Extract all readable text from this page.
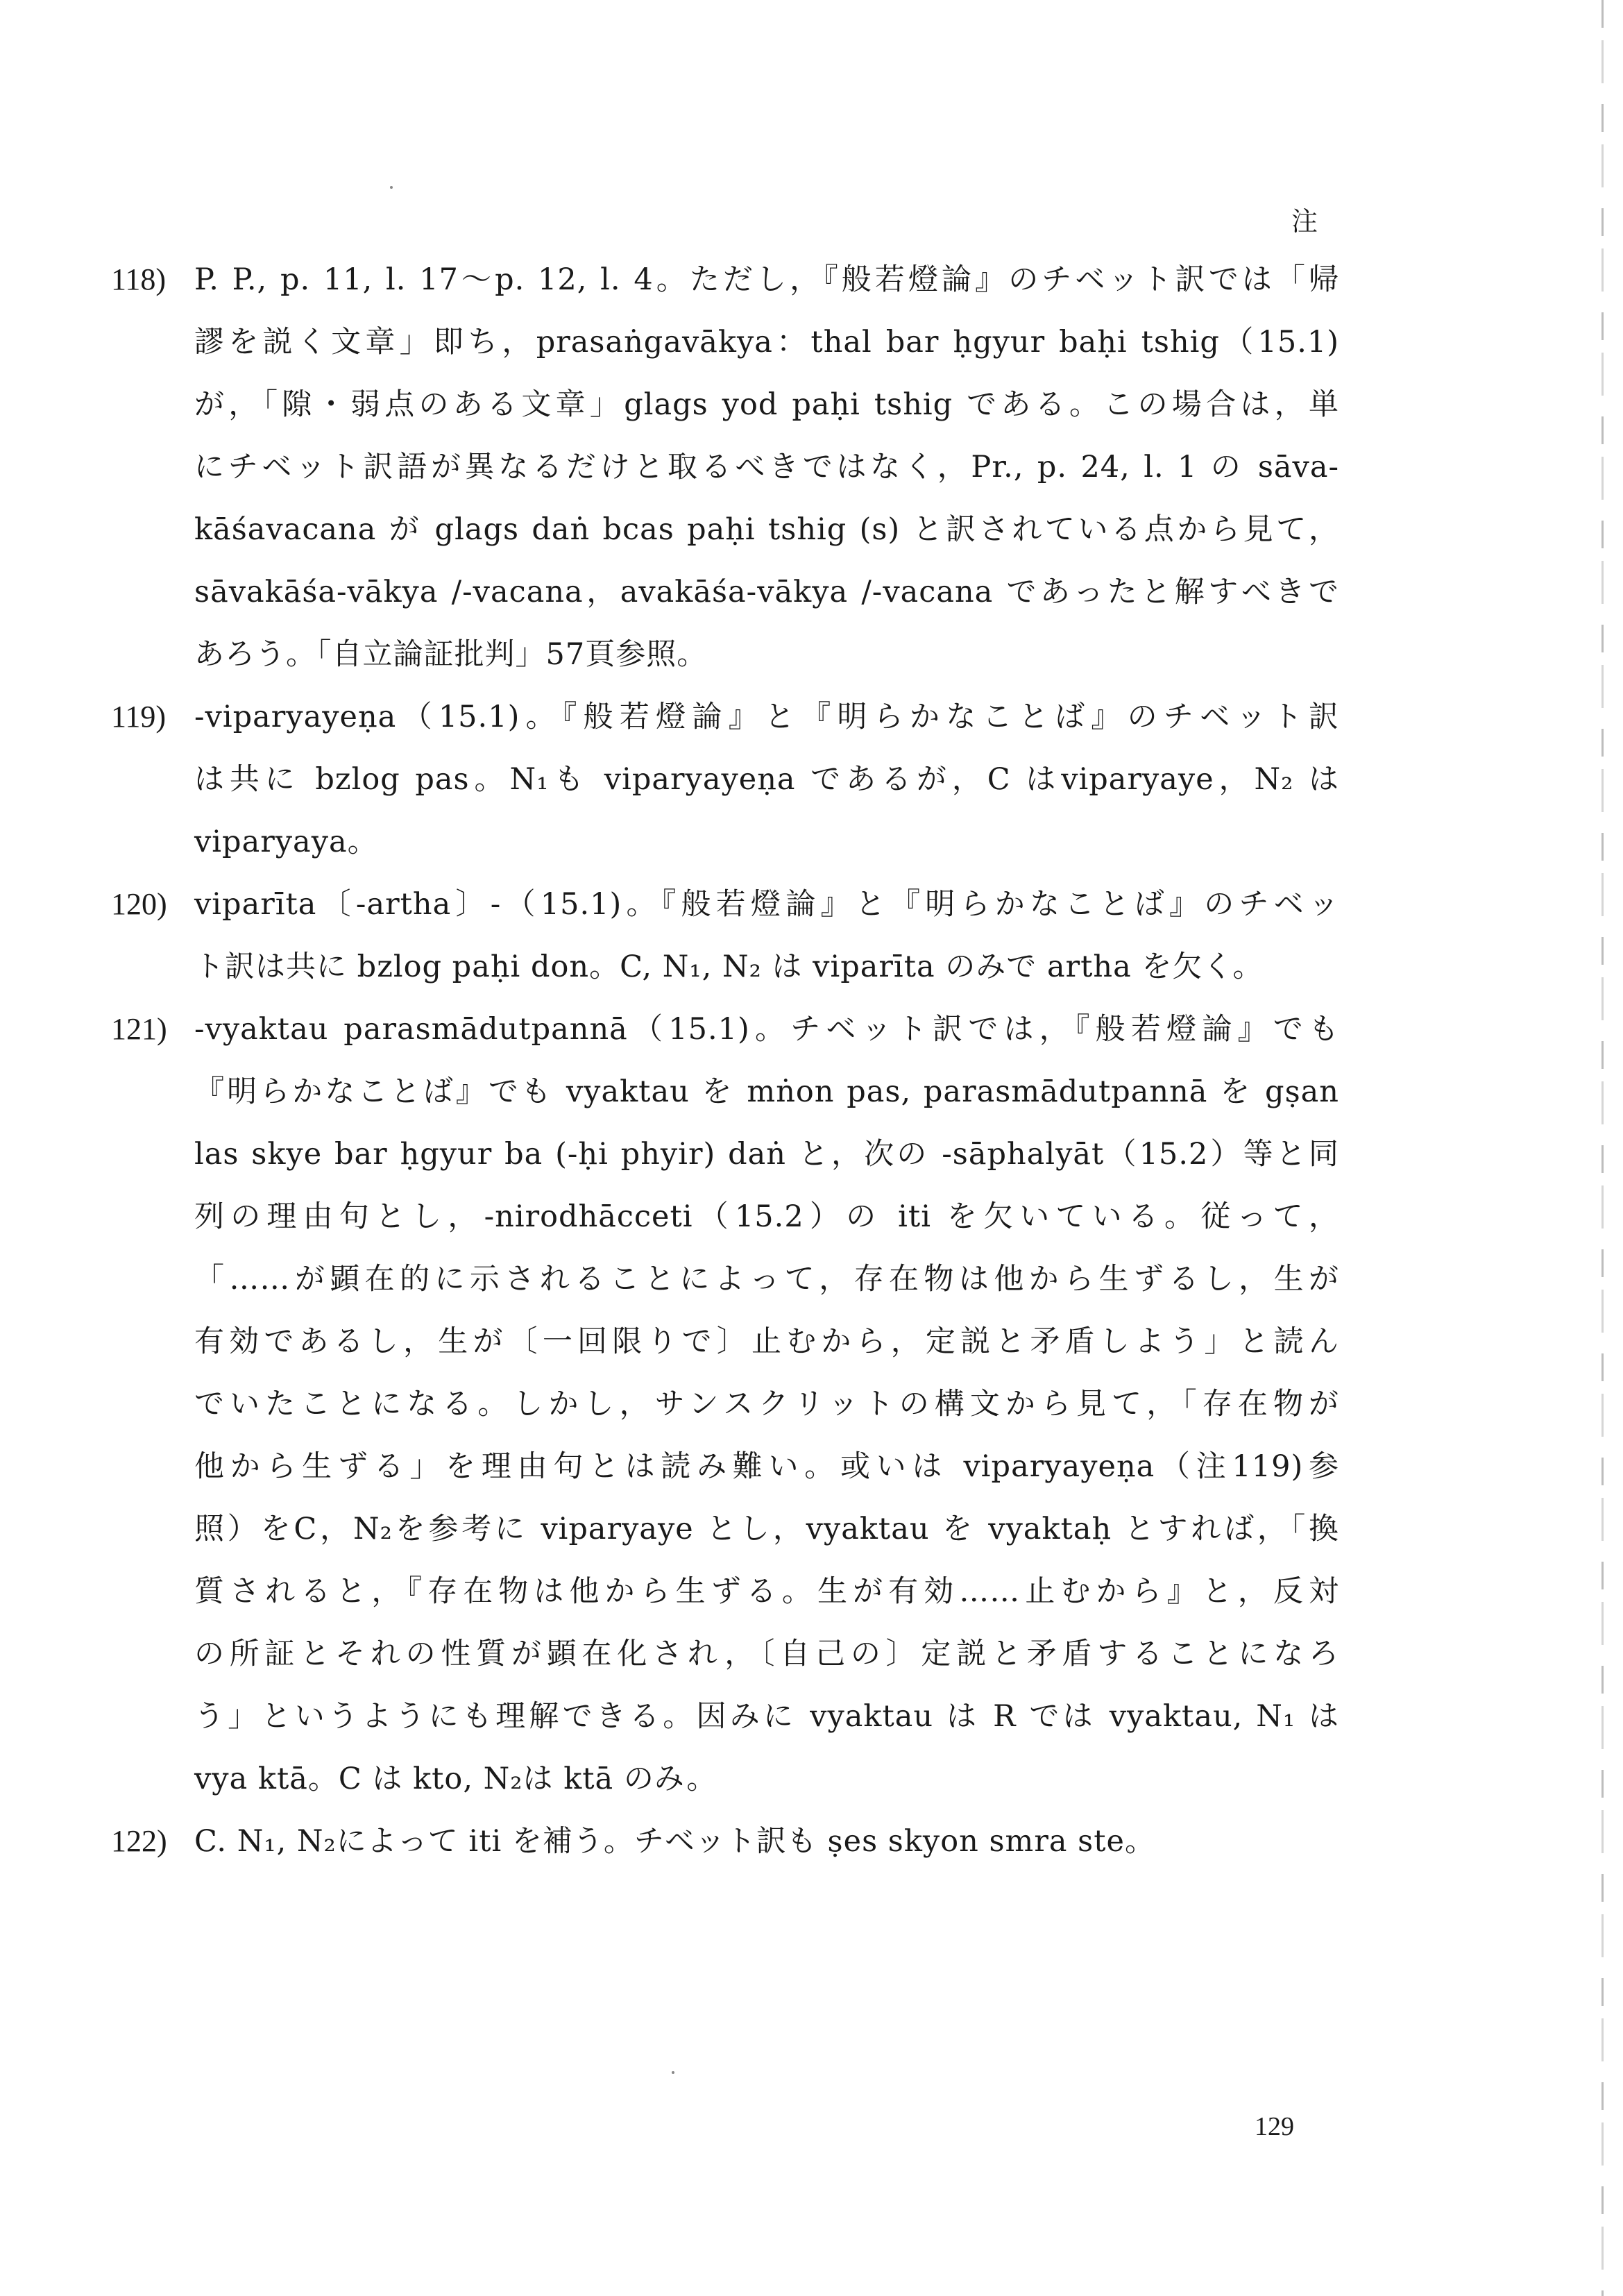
注
118) P. P., p. 11, l. 17〜p. 12, l. 4。ただし，『般若燈論』のチベット訳では「帰
謬を説く文章」即ち，prasaṅgavākya：thal bar ḥgyur baḥi tshig（15.1)
が，「隙・弱点のある文章」glags yod paḥi tshig である。この場合は，単
にチベット訳語が異なるだけと取るべきではなく，Pr., p. 24, l. 1 の sāva-
kāśavacana が glags daṅ bcas paḥi tshig (s) と訳されている点から見て，
sāvakāśa-vākya /-vacana，avakāśa-vākya /-vacana であったと解すべきで
あろう。「自立論証批判」57頁参照。
119) -viparyayeṇa（15.1)。『般若燈論』と『明らかなことば』のチベット訳
は共に bzlog pas。N₁も viparyayeṇa であるが，C はviparyaye，N₂ は
viparyaya。
120) viparīta〔-artha〕-（15.1)。『般若燈論』と『明らかなことば』のチベッ
ト訳は共に bzlog paḥi don。C, N₁, N₂ は viparīta のみで artha を欠く。
121) -vyaktau parasmādutpannā（15.1)。チベット訳では，『般若燈論』でも
『明らかなことば』でも vyaktau を mṅon pas, parasmādutpannā を gṣan
las skye bar ḥgyur ba (-ḥi phyir) daṅ と，次の -sāphalyāt（15.2）等と同
列の理由句とし，-nirodhācceti（15.2）の iti を欠いている。従って，
「……が顕在的に示されることによって，存在物は他から生ずるし，生が
有効であるし，生が〔一回限りで〕止むから，定説と矛盾しよう」と読ん
でいたことになる。しかし，サンスクリットの構文から見て，「存在物が
他から生ずる」を理由句とは読み難い。或いは viparyayeṇa（注119)参
照）をC，N₂を参考に viparyaye とし，vyaktau を vyaktaḥ とすれば，「換
質されると，『存在物は他から生ずる。生が有効……止むから』と，反対
の所証とそれの性質が顕在化され，〔自己の〕定説と矛盾することになろ
う」というようにも理解できる。因みに vyaktau は R では vyaktau, N₁ は
vya ktā。C は kto, N₂は ktā のみ。
122) C. N₁, N₂によって iti を補う。チベット訳も ṣes skyon smra ste。
129
